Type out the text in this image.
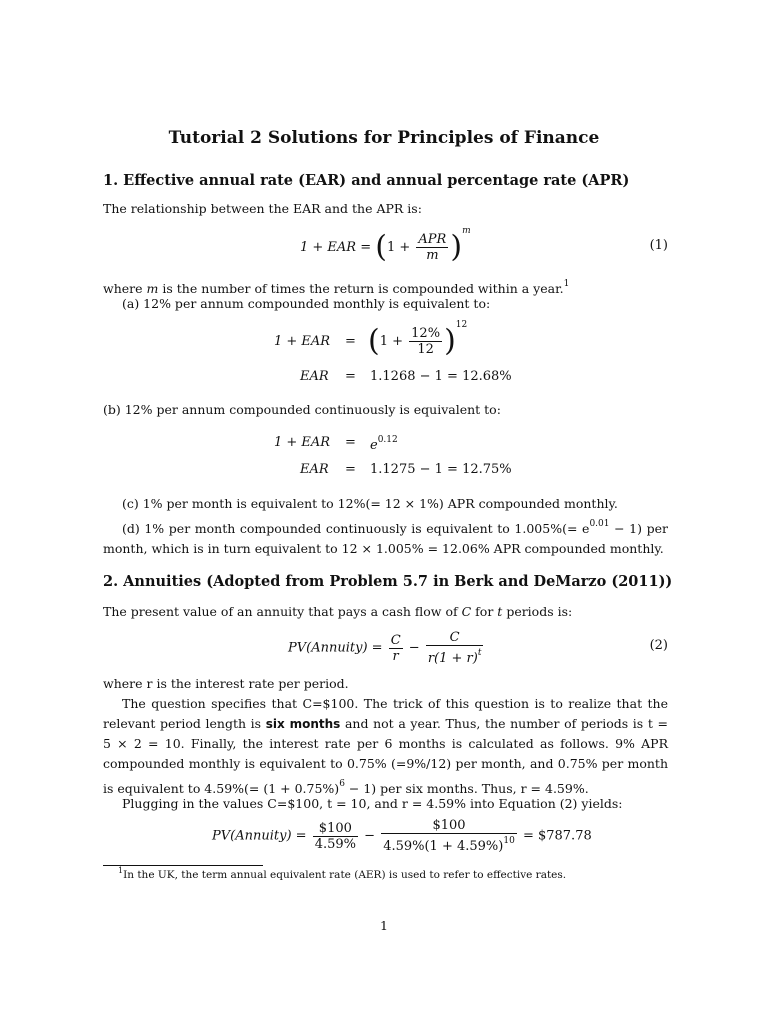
Tutorial 2 Solutions for Principles of Finance
1. Effective annual rate (EAR) and annual percentage rate (APR)
The relationship between the EAR and the APR is:
1 + EAR = $(1 + \frac{\text{APR}}{m} )^m$
(1)
where m is the number of times the return is compounded within a year.$^1$
(a) 12% per annum compounded monthly is equivalent to:
1 + EAR = $(1 + \frac{12\%}{12} )^{12}$
EAR = 1.1268 − 1 = 12.68%
(b) 12% per annum compounded continuously is equivalent to:
1 + EAR = $e^{0.12}$
EAR = 1.1275 − 1 = 12.75%
(c) 1% per month is equivalent to 12%(= 12 × 1%) APR compounded monthly.
(d) 1% per month compounded continuously is equivalent to $1.005\%(= e^{0.01} - 1)$ per month, which is in turn equivalent to 12 × 1.005% = 12.06% APR compounded monthly.
2. Annuities (Adopted from Problem 5.7 in Berk and DeMarzo (2011))
The present value of an annuity that pays a cash flow of C for t periods is:
PV(Annuity) = $\frac{C}{r} - \frac{C}{r(1 + r)^t}$	(2)
where r is the interest rate per period.
The question specifies that C=$100. The trick of this question is to realize that the relevant period length is six months and not a year. Thus, the number of periods is t = 5 × 2 = 10. Finally, the interest rate per 6 months is calculated as follows. 9% APR compounded monthly is equivalent to 0.75% (=9%/12) per month, and 0.75% per month is equivalent to $4.59\%(= (1 + 0.75\%)^6 - 1)$ per six months. Thus, r = 4.59%.
Plugging in the values C=$100, t = 10, and r = 4.59% into Equation (2) yields:
PV(Annuity) = $\frac{\$100}{4.59\%} - \frac{\$100}{4.59\%(1 + 4.59\%)^{10}}$ = $787.78
$^1$In the UK, the term annual equivalent rate (AER) is used to refer to effective rates.
1
